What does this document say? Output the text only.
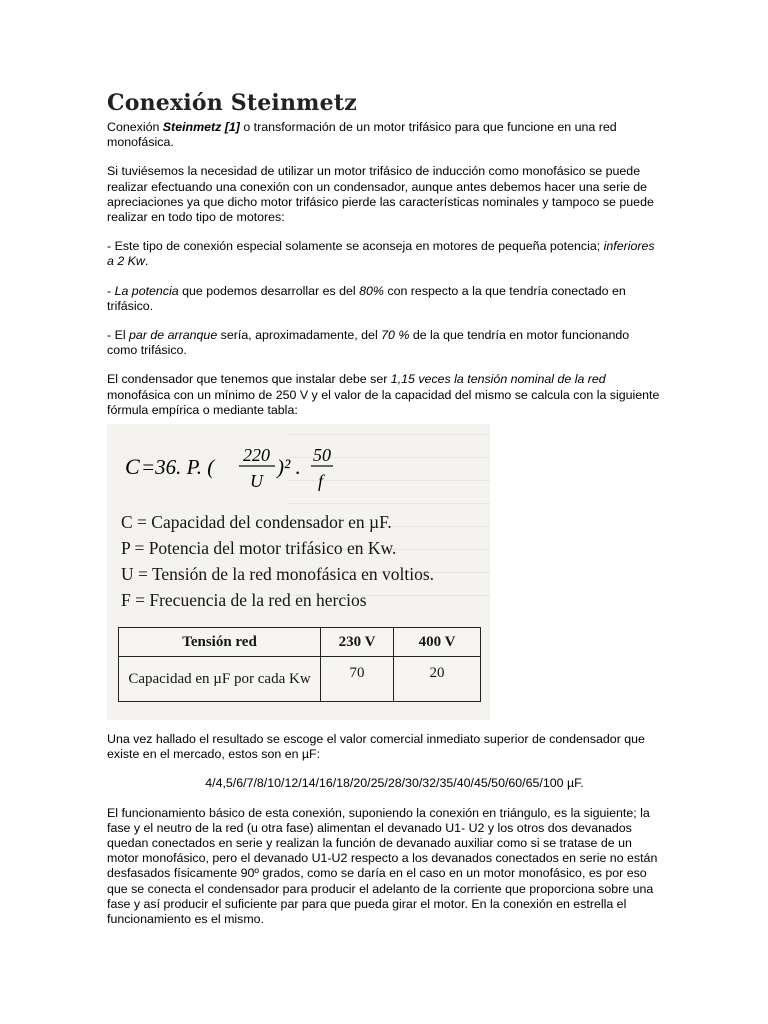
Conexión Steinmetz

Conexión Steinmetz [1] o transformación de un motor trifásico para que funcione en una red monofásica.

Si tuviésemos la necesidad de utilizar un motor trifásico de inducción como monofásico se puede realizar efectuando una conexión con un condensador, aunque antes debemos hacer una serie de apreciaciones ya que dicho motor trifásico pierde las características nominales y tampoco se puede realizar en todo tipo de motores:

- Este tipo de conexión especial solamente se aconseja en motores de pequeña potencia; inferiores a 2 Kw.

- La potencia que podemos desarrollar es del 80% con respecto a la que tendría conectado en trifásico.

- El par de arranque sería, aproximadamente, del 70 % de la que tendría en motor funcionando como trifásico.

El condensador que tenemos que instalar debe ser 1,15 veces la tensión nominal de la red monofásica con un mínimo de 250 V y el valor de la capacidad del mismo se calcula con la siguiente fórmula empírica o mediante tabla:

C =36. P. ( 220
U
)² . 50
f
C = Capacidad del condensador en µF.
P = Potencia del motor trifásico en Kw.
U = Tensión de la red monofásica en voltios.
F = Frecuencia de la red en hercios
Tensión red	230 V	400 V
Capacidad en µF por cada Kw	70	20

Una vez hallado el resultado se escoge el valor comercial inmediato superior de condensador que existe en el mercado, estos son en µF:

4/4,5/6/7/8/10/12/14/16/18/20/25/28/30/32/35/40/45/50/60/65/100 µF.

El funcionamiento básico de esta conexión, suponiendo la conexión en triángulo, es la siguiente; la fase y el neutro de la red (u otra fase) alimentan el devanado U1- U2 y los otros dos devanados quedan conectados en serie y realizan la función de devanado auxiliar como si se tratase de un motor monofásico, pero el devanado U1-U2 respecto a los devanados conectados en serie no están desfasados físicamente 90º grados, como se daría en el caso en un motor monofásico, es por eso que se conecta el condensador para producir el adelanto de la corriente que proporciona sobre una fase y así producir el suficiente par para que pueda girar el motor. En la conexión en estrella el funcionamiento es el mismo.
